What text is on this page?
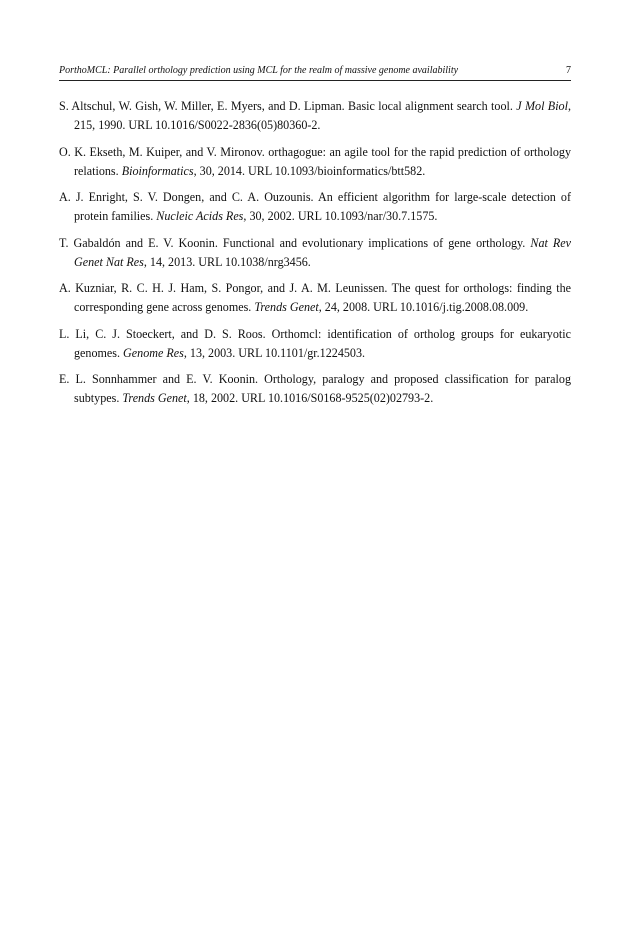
PorthoMCL: Parallel orthology prediction using MCL for the realm of massive genome availability	7
S. Altschul, W. Gish, W. Miller, E. Myers, and D. Lipman. Basic local alignment search tool. J Mol Biol, 215, 1990. URL 10.1016/S0022-2836(05)80360-2.
O. K. Ekseth, M. Kuiper, and V. Mironov. orthagogue: an agile tool for the rapid prediction of orthology relations. Bioinformatics, 30, 2014. URL 10.1093/bioinformatics/btt582.
A. J. Enright, S. V. Dongen, and C. A. Ouzounis. An efficient algorithm for large-scale detection of protein families. Nucleic Acids Res, 30, 2002. URL 10.1093/nar/30.7.1575.
T. Gabaldón and E. V. Koonin. Functional and evolutionary implications of gene orthology. Nat Rev Genet Nat Res, 14, 2013. URL 10.1038/nrg3456.
A. Kuzniar, R. C. H. J. Ham, S. Pongor, and J. A. M. Leunissen. The quest for orthologs: finding the corresponding gene across genomes. Trends Genet, 24, 2008. URL 10.1016/j.tig.2008.08.009.
L. Li, C. J. Stoeckert, and D. S. Roos. Orthomcl: identification of ortholog groups for eukaryotic genomes. Genome Res, 13, 2003. URL 10.1101/gr.1224503.
E. L. Sonnhammer and E. V. Koonin. Orthology, paralogy and proposed classification for paralog subtypes. Trends Genet, 18, 2002. URL 10.1016/S0168-9525(02)02793-2.
